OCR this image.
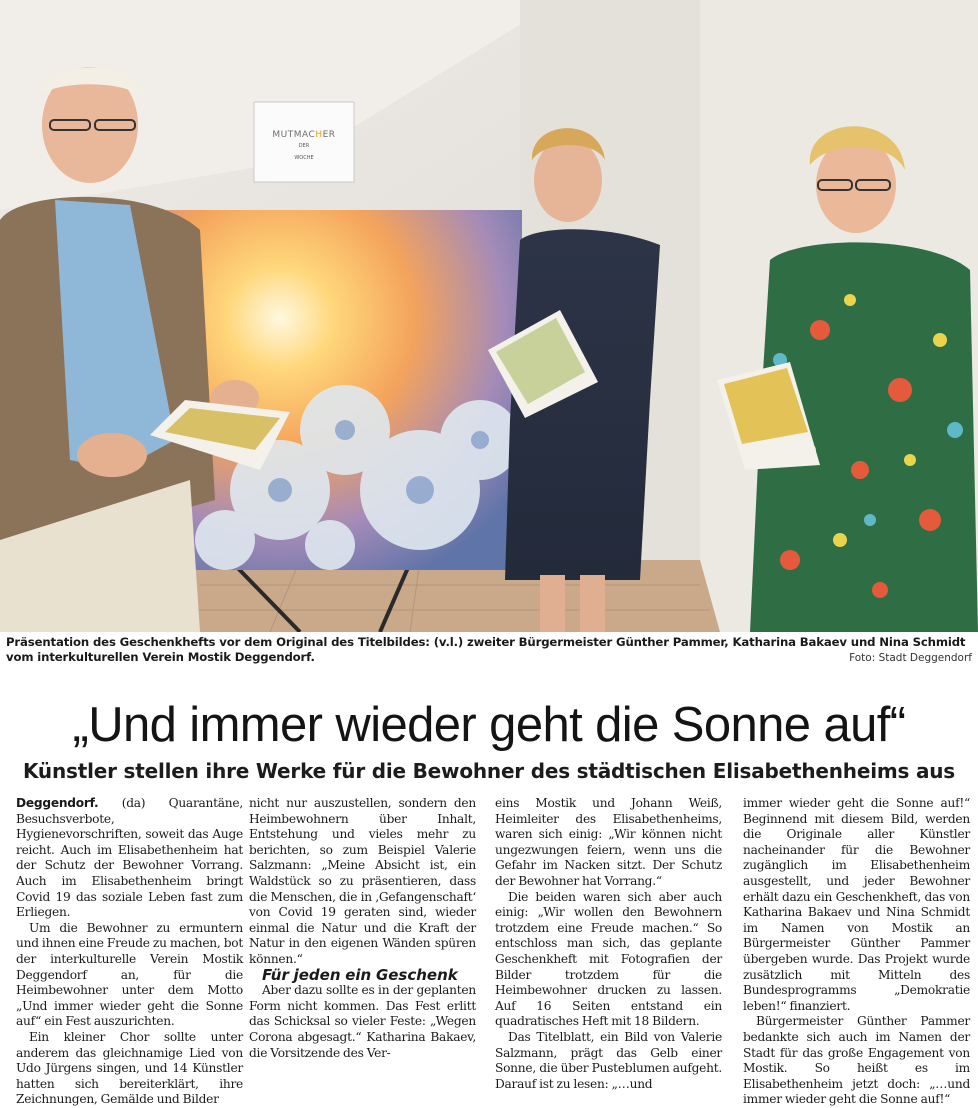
MUTMACHER
DER
WOCHE
Präsentation des Geschenkhefts vor dem Original des Titelbildes: (v.l.) zweiter Bürgermeister Günther Pammer, Katharina Bakaev und Nina Schmidt vom interkulturellen Verein Mostik Deggendorf.	Foto: Stadt Deggendorf
„Und immer wieder geht die Sonne auf“
Künstler stellen ihre Werke für die Bewohner des städtischen Elisabethenheims aus

Deggendorf. (da) Quarantäne, Besuchsverbote, Hygienevorschriften, soweit das Auge reicht. Auch im Elisabethenheim hat der Schutz der Bewohner Vorrang. Auch im Elisabethenheim bringt Covid 19 das soziale Leben fast zum Erliegen.

Um die Bewohner zu ermuntern und ihnen eine Freude zu machen, bot der interkulturelle Verein Mostik Deggendorf an, für die Heimbewohner unter dem Motto „Und immer wieder geht die Sonne auf“ ein Fest auszurichten.

Ein kleiner Chor sollte unter anderem das gleichnamige Lied von Udo Jürgens singen, und 14 Künstler hatten sich bereiterklärt, ihre Zeichnungen, Gemälde und Bilder

nicht nur auszustellen, sondern den Heimbewohnern über Inhalt, Entstehung und vieles mehr zu berichten, so zum Beispiel Valerie Salzmann: „Meine Absicht ist, ein Waldstück so zu präsentieren, dass die Menschen, die in ‚Gefangenschaft‘ von Covid 19 geraten sind, wieder einmal die Natur und die Kraft der Natur in den eigenen Wänden spüren können.“

Für jeden ein Geschenk

Aber dazu sollte es in der geplanten Form nicht kommen. Das Fest erlitt das Schicksal so vieler Feste: „Wegen Corona abgesagt.“ Katharina Bakaev, die Vorsitzende des Ver-

eins Mostik und Johann Weiß, Heimleiter des Elisabethenheims, waren sich einig: „Wir können nicht ungezwungen feiern, wenn uns die Gefahr im Nacken sitzt. Der Schutz der Bewohner hat Vorrang.“

Die beiden waren sich aber auch einig: „Wir wollen den Bewohnern trotzdem eine Freude machen.“ So entschloss man sich, das geplante Geschenkheft mit Fotografien der Bilder trotzdem für die Heimbewohner drucken zu lassen. Auf 16 Seiten entstand ein quadratisches Heft mit 18 Bildern.

Das Titelblatt, ein Bild von Valerie Salzmann, prägt das Gelb einer Sonne, die über Pusteblumen aufgeht. Darauf ist zu lesen: „…und

immer wieder geht die Sonne auf!“ Beginnend mit diesem Bild, werden die Originale aller Künstler nacheinander für die Bewohner zugänglich im Elisabethenheim ausgestellt, und jeder Bewohner erhält dazu ein Geschenkheft, das von Katharina Bakaev und Nina Schmidt im Namen von Mostik an Bürgermeister Günther Pammer übergeben wurde. Das Projekt wurde zusätzlich mit Mitteln des Bundesprogramms „Demokratie leben!“ finanziert.

Bürgermeister Günther Pammer bedankte sich auch im Namen der Stadt für das große Engagement von Mostik. So heißt es im Elisabethenheim jetzt doch: „…und immer wieder geht die Sonne auf!“
